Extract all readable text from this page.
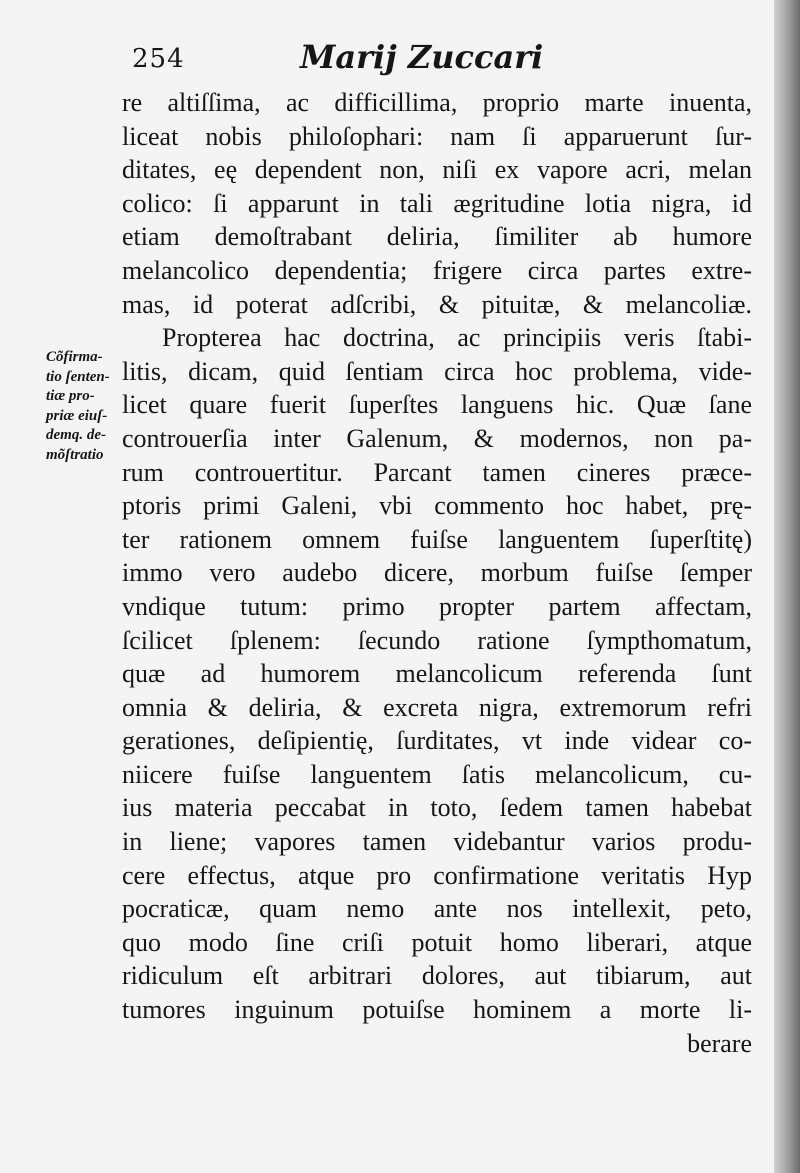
254	Marij Zuccari
Cõfirma-
tio ſenten-
tiæ pro-
priæ eiuſ-
demq. de-
mõſtratio
re altiſſima, ac difficillima, proprio marte inuenta,
liceat nobis philoſophari: nam ſi apparuerunt ſur-
ditates, eę dependent non, niſi ex vapore acri, melan
colico: ſi apparunt in tali ægritudine lotia nigra, id
etiam demoſtrabant deliria, ſimiliter ab humore
melancolico dependentia; frigere circa partes extre-
mas, id poterat adſcribi, & pituitæ, & melancoliæ.
Propterea hac doctrina, ac principiis veris ſtabi-
litis, dicam, quid ſentiam circa hoc problema, vide-
licet quare fuerit ſuperſtes languens hic. Quæ ſane
controuerſia inter Galenum, & modernos, non pa-
rum controuertitur. Parcant tamen cineres præce-
ptoris primi Galeni, vbi commento hoc habet, prę-
ter rationem omnem fuiſse languentem ſuperſtitę)
immo vero audebo dicere, morbum fuiſse ſemper
vndique tutum: primo propter partem affectam,
ſcilicet ſplenem: ſecundo ratione ſympthomatum,
quæ ad humorem melancolicum referenda ſunt
omnia & deliria, & excreta nigra, extremorum refri
gerationes, deſipientię, ſurditates, vt inde videar co-
niicere fuiſse languentem ſatis melancolicum, cu-
ius materia peccabat in toto, ſedem tamen habebat
in liene; vapores tamen videbantur varios produ-
cere effectus, atque pro confirmatione veritatis Hyp
pocraticæ, quam nemo ante nos intellexit, peto,
quo modo ſine criſi potuit homo liberari, atque
ridiculum eſt arbitrari dolores, aut tibiarum, aut
tumores inguinum potuiſse hominem a morte li-
berare
